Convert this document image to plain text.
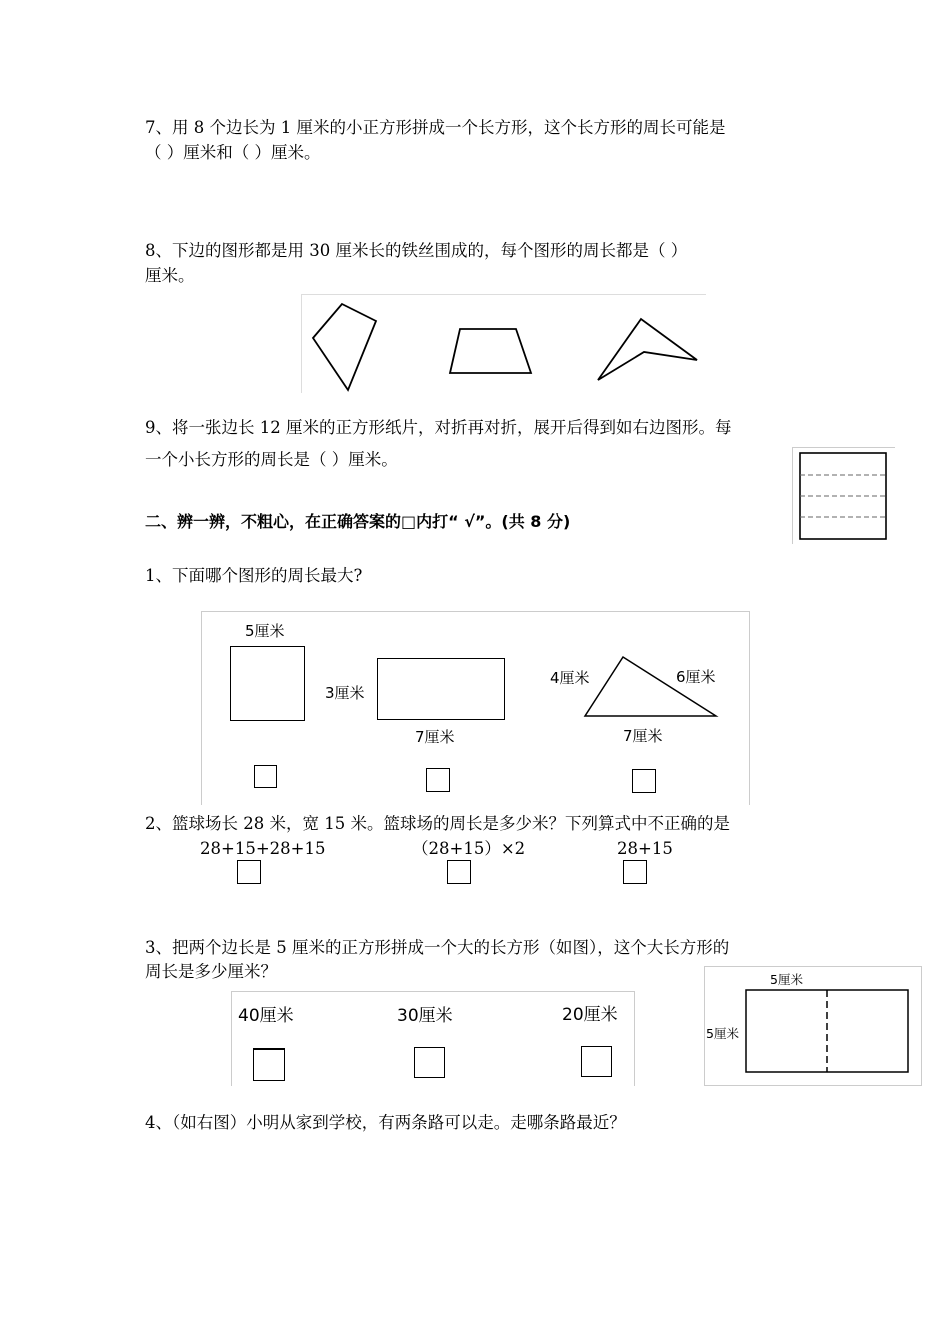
7、用 8 个边长为 1 厘米的小正方形拼成一个长方形，这个长方形的周长可能是
（ ）厘米和（ ）厘米。
8、下边的图形都是用 30 厘米长的铁丝围成的，每个图形的周长都是（ ）
厘米。
9、将一张边长 12 厘米的正方形纸片，对折再对折，展开后得到如右边图形。每
一个小长方形的周长是（ ）厘米。
二、辨一辨，不粗心，在正确答案的□内打“ √”。(共 8 分)
1、下面哪个图形的周长最大?
5厘米
3厘米
7厘米
4厘米	6厘米
7厘米
2、篮球场长 28 米，宽 15 米。篮球场的周长是多少米？下列算式中不正确的是
28+15+28+15	（28+15）×2	28+15
3、把两个边长是 5 厘米的正方形拼成一个大的长方形（如图），这个大长方形的
周长是多少厘米？
40厘米	30厘米	20厘米
5厘米
5厘米
4、（如右图）小明从家到学校，有两条路可以走。走哪条路最近？
